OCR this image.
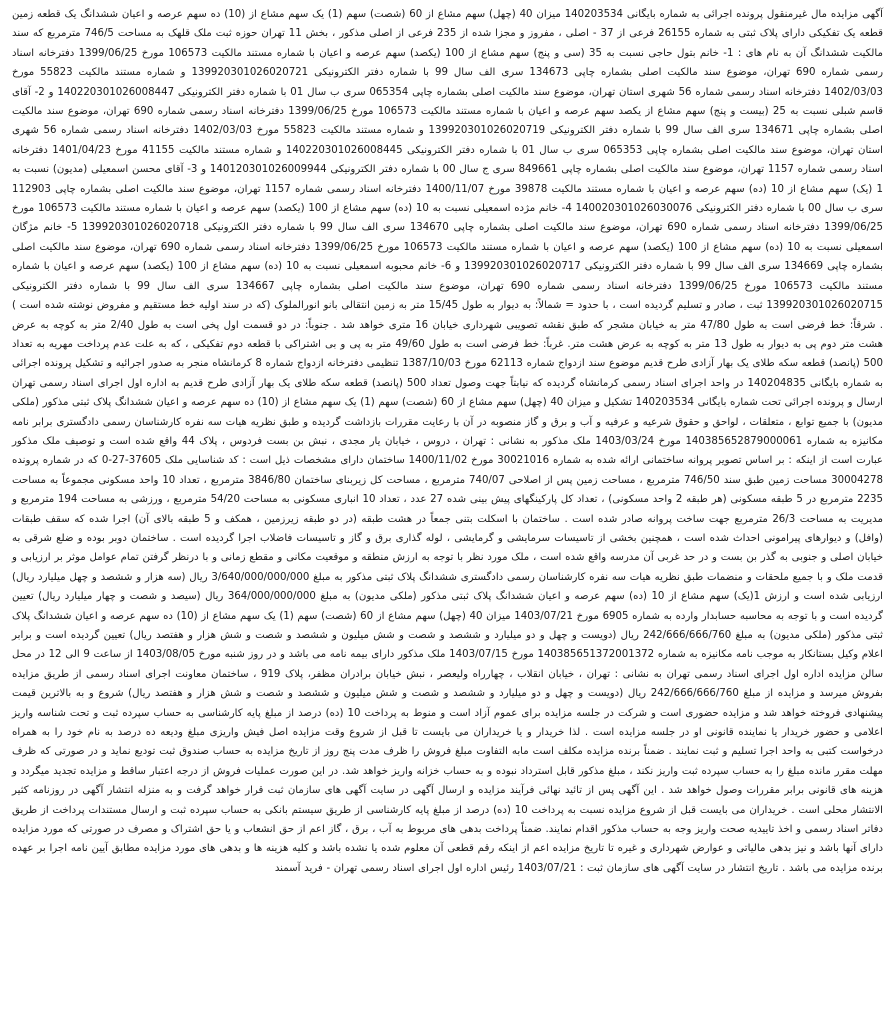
آگهی مزایده مال غیرمنقول پرونده اجرائی به شماره بایگانی 140203534 میزان 40 (چهل) سهم مشاع از 60 (شصت) سهم (1) یک سهم مشاع از (10) ده سهم عرصه و اعیان ششدانگ یک قطعه زمین قطعه یک تفکیکی دارای پلاک ثبتی به شماره 26155 فرعی از 37 - اصلی ، مفروز و مجزا شده از 235 فرعی از اصلی مذکور ، بخش 11 تهران حوزه ثبت ملک قلهک به مساحت 746/5 مترمربع که سند مالکیت ششدانگ آن به نام های : 1- خانم بتول حاجی نسبت به 35 (سی و پنج) سهم مشاع از 100 (یکصد) سهم عرصه و اعیان با شماره مستند مالکیت 106573 مورخ 1399/06/25 دفترخانه اسناد رسمی شماره 690 تهران، موضوع سند مالکیت اصلی بشماره چاپی 134673 سری الف سال 99 با شماره دفتر الکترونیکی 139920301026020721 و شماره مستند مالکیت 55823 مورخ 1402/03/03 دفترخانه اسناد رسمی شماره 56 شهری استان تهران، موضوع سند مالکیت اصلی بشماره چاپی 065354 سری ب سال 01 با شماره دفتر الکترونیکی 140220301026008447 و 2- آقای قاسم شبلی نسبت به 25 (بیست و پنج) سهم مشاع از یکصد سهم عرصه و اعیان با شماره مستند مالکیت 106573 مورخ 1399/06/25 دفترخانه اسناد رسمی شماره 690 تهران، موضوع سند مالکیت اصلی بشماره چاپی 134671 سری الف سال 99 با شماره دفتر الکترونیکی 139920301026020719 و شماره مستند مالکیت 55823 مورخ 1402/03/03 دفترخانه اسناد رسمی شماره 56 شهری استان تهران، موضوع سند مالکیت اصلی بشماره چاپی 065353 سری ب سال 01 با شماره دفتر الکترونیکی 140220301026008445 و شماره مستند مالکیت 41155 مورخ 1401/04/23 دفترخانه اسناد رسمی شماره 1157 تهران، موضوع سند مالکیت اصلی بشماره چاپی 849661 سری ج سال 00 با شماره دفتر الکترونیکی 140120301026009944 و 3- آقای محسن اسمعیلی (مدیون) نسبت به 1 (یک) سهم مشاع از 10 (ده) سهم عرصه و اعیان با شماره مستند مالکیت 39878 مورخ 1400/11/07 دفترخانه اسناد رسمی شماره 1157 تهران، موضوع سند مالکیت اصلی بشماره چاپی 112903 سری ب سال 00 با شماره دفتر الکترونیکی 140020301026030076 4- خانم مژده اسمعیلی نسبت به 10 (ده) سهم مشاع از 100 (یکصد) سهم عرصه و اعیان با شماره مستند مالکیت 106573 مورخ 1399/06/25 دفترخانه اسناد رسمی شماره 690 تهران، موضوع سند مالکیت اصلی بشماره چاپی 134670 سری الف سال 99 با شماره دفتر الکترونیکی 139920301026020718 5- خانم مژگان اسمعیلی نسبت به 10 (ده) سهم مشاع از 100 (یکصد) سهم عرصه و اعیان با شماره مستند مالکیت 106573 مورخ 1399/06/25 دفترخانه اسناد رسمی شماره 690 تهران، موضوع سند مالکیت اصلی بشماره چاپی 134669 سری الف سال 99 با شماره دفتر الکترونیکی 139920301026020717 و 6- خانم محبوبه اسمعیلی نسبت به 10 (ده) سهم مشاع از 100 (یکصد) سهم عرصه و اعیان با شماره مستند مالکیت 106573 مورخ 1399/06/25 دفترخانه اسناد رسمی شماره 690 تهران، موضوع سند مالکیت اصلی بشماره چاپی 134667 سری الف سال 99 با شماره دفتر الکترونیکی 139920301026020715 ثبت ، صادر و تسلیم گردیده است ، با حدود = شمالاً: به دیوار به طول 15/45 متر به زمین انتقالی بانو انورالملوک (که در سند اولیه خط مستقیم و مفروض نوشته شده است ) . شرقاً: خط فرضی است به طول 47/80 متر به خیابان مشجر که طبق نقشه تصویبی شهرداری خیابان 16 متری خواهد شد . جنوباً: در دو قسمت اول پخی است به طول 2/40 متر به کوچه به عرض هشت متر دوم پی به دیوار به طول 13 متر به کوچه به عرض هشت متر. غرباً: خط فرضی است به طول 49/60 متر به پی و بی اشتراکی با قطعه دوم تفکیکی ، که به علت عدم پرداخت مهریه به تعداد 500 (پانصد) قطعه سکه طلای یک بهار آزادی طرح قدیم موضوع سند ازدواج شماره 62113 مورخ 1387/10/03 تنظیمی دفترخانه ازدواج شماره 8 کرمانشاه منجر به صدور اجرائیه و تشکیل پرونده اجرائی به شماره بایگانی 140204835 در واحد اجرای اسناد رسمی کرمانشاه گردیده که نیابتاً جهت وصول تعداد 500 (پانصد) قطعه سکه طلای یک بهار آزادی طرح قدیم به اداره اول اجرای اسناد رسمی تهران ارسال و پرونده اجرائی تحت شماره بایگانی 140203534 تشکیل و میزان 40 (چهل) سهم مشاع از 60 (شصت) سهم (1) یک سهم مشاع از (10) ده سهم عرصه و اعیان ششدانگ پلاک ثبتی مذکور (ملکی مدیون) با جمیع توابع ، متعلقات ، لواحق و حقوق شرعیه و عرفیه و آب و برق و گاز منصوبه در آن با رعایت مقررات بازداشت گردیده و طبق نظریه هیات سه نفره کارشناسان رسمی دادگستری برابر نامه مکانیزه به شماره 140385652879000061 مورخ 1403/03/24 ملک مذکور به نشانی : تهران ، دروس ، خیابان یار مجدی ، نبش بن بست فردوس ، پلاک 44 واقع شده است و توصیف ملک مذکور عبارت است از اینکه : بر اساس تصویر پروانه ساختمانی ارائه شده به شماره 30021016 مورخ 1400/11/02 ساختمان دارای مشخصات ذیل است : کد شناسایی ملک 37605-27-0 که در شماره پرونده 30004278 مساحت زمین طبق سند 746/50 مترمربع ، مساحت زمین پس از اصلاحی 740/07 مترمربع ، مساحت کل زیربنای ساختمان 3846/80 مترمربع ، تعداد 10 واحد مسکونی مجموعاً به مساحت 2235 مترمربع در 5 طبقه مسکونی (هر طبقه 2 واحد مسکونی) ، تعداد کل پارکینگهای پیش بینی شده 27 عدد ، تعداد 10 انباری مسکونی به مساحت 54/20 مترمربع ، ورزشی به مساحت 194 مترمربع و مدیریت به مساحت 26/3 مترمربع جهت ساخت پروانه صادر شده است . ساختمان با اسکلت بتنی جمعاً در هشت طبقه (در دو طبقه زیرزمین ، همکف و 5 طبقه بالای آن) اجرا شده که سقف طبقات (وافل) و دیوارهای پیرامونی احداث شده است ، همچنین بخشی از تاسیسات سرمایشی و گرمایشی ، لوله گذاری برق و گاز و تاسیسات فاضلاب اجرا گردیده است . ساختمان دوبر بوده و ضلع شرقی به خیابان اصلی و جنوبی به گذر بن بست و در حد غربی آن مدرسه واقع شده است ، ملک مورد نظر با توجه به ارزش منطقه و موقعیت مکانی و مقطع زمانی و با درنظر گرفتن تمام عوامل موثر بر ارزیابی و قدمت ملک و با جمیع ملحقات و منضمات طبق نظریه هیات سه نفره کارشناسان رسمی دادگستری ششدانگ پلاک ثبتی مذکور به مبلغ 3/640/000/000/000 ریال (سه هزار و ششصد و چهل میلیارد ریال) ارزیابی شده است و ارزش 1(یک) سهم مشاع از 10 (ده) سهم عرصه و اعیان ششدانگ پلاک ثبتی مذکور (ملکی مدیون) به مبلغ 364/000/000/000 ریال (سیصد و شصت و چهار میلیارد ریال) تعیین گردیده است و با توجه به محاسبه حسابدار وارده به شماره 6905 مورخ 1403/07/21 میزان 40 (چهل) سهم مشاع از 60 (شصت) سهم (1) یک سهم مشاع از (10) ده سهم عرصه و اعیان ششدانگ پلاک ثبتی مذکور (ملکی مدیون) به مبلغ 242/666/666/760 ریال (دویست و چهل و دو میلیارد و ششصد و شصت و شش میلیون و ششصد و شصت و شش هزار و هفتصد ریال) تعیین گردیده است و برابر اعلام وکیل بستانکار به موجب نامه مکانیزه به شماره 140385651372001372 مورخ 1403/07/15 ملک مذکور دارای بیمه نامه می باشد و در روز شنبه مورخ 1403/08/05 از ساعت 9 الی 12 در محل سالن مزایده اداره اول اجرای اسناد رسمی تهران به نشانی : تهران ، خیابان انقلاب ، چهارراه ولیعصر ، نبش خیابان برادران مظفر، پلاک 919 ، ساختمان معاونت اجرای اسناد رسمی از طریق مزایده بفروش میرسد و مزایده از مبلغ 242/666/666/760 ریال (دویست و چهل و دو میلیارد و ششصد و شصت و شش میلیون و ششصد و شصت و شش هزار و هفتصد ریال) شروع و به بالاترین قیمت پیشنهادی فروخته خواهد شد و مزایده حضوری است و شرکت در جلسه مزایده برای عموم آزاد است و منوط به پرداخت 10 (ده) درصد از مبلغ پایه کارشناسی به حساب سپرده ثبت و تحت شناسه واریز اعلامی و حضور خریدار یا نماینده قانونی او در جلسه مزایده است . لذا خریدار و یا خریداران می بایست تا قبل از شروع وقت مزایده اصل فیش واریزی مبلغ ودیعه ده درصد به نام خود را به همراه درخواست کتبی به واحد اجرا تسلیم و ثبت نمایند . ضمناً برنده مزایده مکلف است مابه التفاوت مبلغ فروش را ظرف مدت پنج روز از تاریخ مزایده به حساب صندوق ثبت تودیع نماید و در صورتی که ظرف مهلت مقرر مانده مبلغ را به حساب سپرده ثبت واریز نکند ، مبلغ مذکور قابل استرداد نبوده و به حساب خزانه واریز خواهد شد. در این صورت عملیات فروش از درجه اعتبار ساقط و مزایده تجدید میگردد و هزینه های قانونی برابر مقررات وصول خواهد شد . این آگهی پس از تائید نهائی فرآیند مزایده و ارسال آگهی در سایت آگهی های سازمان ثبت قرار خواهد گرفت و به منزله انتشار آگهی در روزنامه کثیر الانتشار محلی است . خریداران می بایست قبل از شروع مزایده نسبت به پرداخت 10 (ده) درصد از مبلغ پایه کارشناسی از طریق سیستم بانکی به حساب سپرده ثبت و ارسال مستندات پرداخت از طریق دفاتر اسناد رسمی و اخذ تاییدیه صحت واریز وجه به حساب مذکور اقدام نمایند. ضمناً پرداخت بدهی های مربوط به آب ، برق ، گاز اعم از حق انشعاب و یا حق اشتراک و مصرف در صورتی که مورد مزایده دارای آنها باشد و نیز بدهی مالیاتی و عوارض شهرداری و غیره تا تاریخ مزایده اعم از اینکه رقم قطعی آن معلوم شده یا نشده باشد و کلیه هزینه ها و بدهی های مورد مزایده مطابق آیین نامه اجرا بر عهده برنده مزایده می باشد . تاریخ انتشار در سایت آگهی های سازمان ثبت : 1403/07/21 رئیس اداره اول اجرای اسناد رسمی تهران - فرید آسمند
